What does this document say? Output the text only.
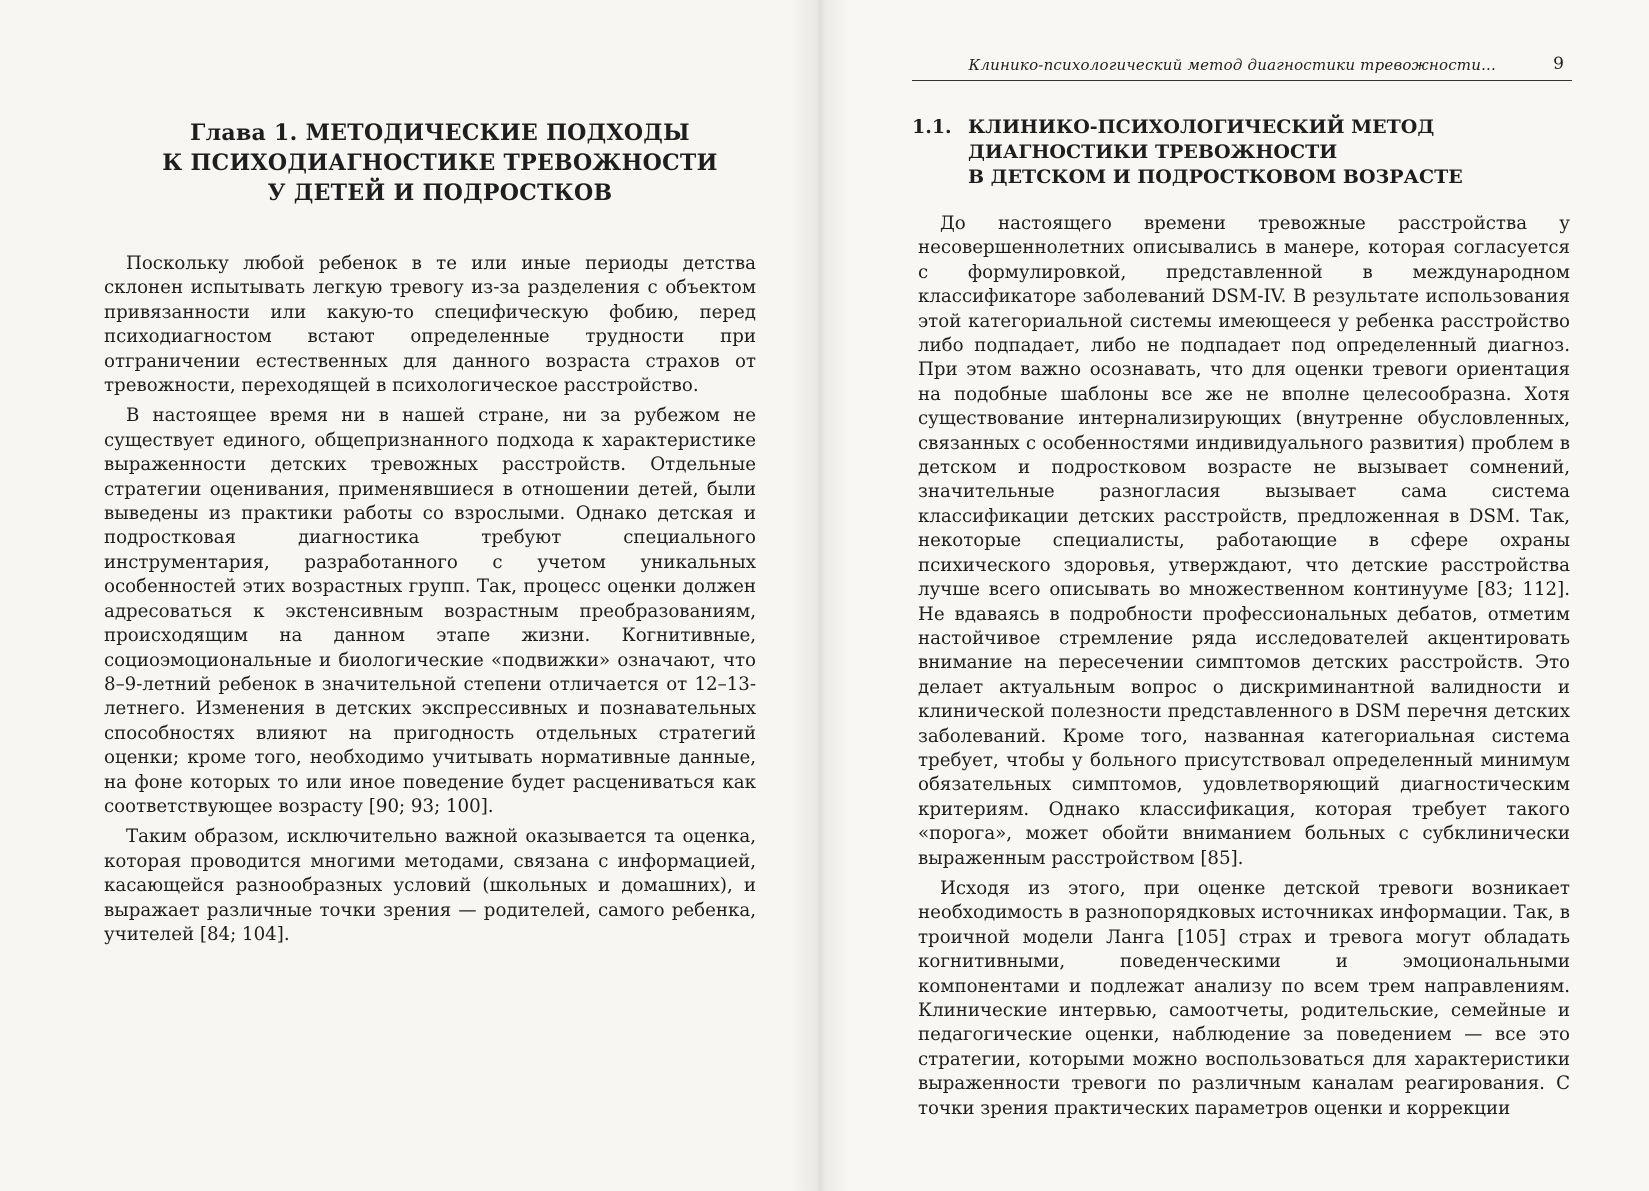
Глава 1. МЕТОДИЧЕСКИЕ ПОДХОДЫ
К ПСИХОДИАГНОСТИКЕ ТРЕВОЖНОСТИ
У ДЕТЕЙ И ПОДРОСТКОВ

Поскольку любой ребенок в те или иные периоды детства склонен испытывать легкую тревогу из-за разделения с объектом привязанности или какую-то специфическую фобию, перед психодиагностом встают определенные трудности при отграничении естественных для данного возраста страхов от тревожности, переходящей в психологическое расстройство.

В настоящее время ни в нашей стране, ни за рубежом не существует единого, общепризнанного подхода к характеристике выраженности детских тревожных расстройств. Отдельные стратегии оценивания, применявшиеся в отношении детей, были выведены из практики работы со взрослыми. Однако детская и подростковая диагностика требуют специального инструментария, разработанного с учетом уникальных особенностей этих возрастных групп. Так, процесс оценки должен адресоваться к экстенсивным возрастным преобразованиям, происходящим на данном этапе жизни. Когнитивные, социоэмоциональные и биологические «подвижки» означают, что 8–9-летний ребенок в значительной степени отличается от 12–13-летнего. Изменения в детских экспрессивных и познавательных способностях влияют на пригодность отдельных стратегий оценки; кроме того, необходимо учитывать нормативные данные, на фоне которых то или иное поведение будет расцениваться как соответствующее возрасту [90; 93; 100].

Таким образом, исключительно важной оказывается та оценка, которая проводится многими методами, связана с информацией, касающейся разнообразных условий (школьных и домашних), и выражает различные точки зрения — родителей, самого ребенка, учителей [84; 104].

Клинико-психологический метод диагностики тревожности...	9
1.1. КЛИНИКО-ПСИХОЛОГИЧЕСКИЙ МЕТОД
ДИАГНОСТИКИ ТРЕВОЖНОСТИ
В ДЕТСКОМ И ПОДРОСТКОВОМ ВОЗРАСТЕ

До настоящего времени тревожные расстройства у несовершеннолетних описывались в манере, которая согласуется с формулировкой, представленной в международном классификаторе заболеваний DSM-IV. В результате использования этой категориальной системы имеющееся у ребенка расстройство либо подпадает, либо не подпадает под определенный диагноз. При этом важно осознавать, что для оценки тревоги ориентация на подобные шаблоны все же не вполне целесообразна. Хотя существование интернализирующих (внутренне обусловленных, связанных с особенностями индивидуального развития) проблем в детском и подростковом возрасте не вызывает сомнений, значительные разногласия вызывает сама система классификации детских расстройств, предложенная в DSM. Так, некоторые специалисты, работающие в сфере охраны психического здоровья, утверждают, что детские расстройства лучше всего описывать во множественном континууме [83; 112]. Не вдаваясь в подробности профессиональных дебатов, отметим настойчивое стремление ряда исследователей акцентировать внимание на пересечении симптомов детских расстройств. Это делает актуальным вопрос о дискриминантной валидности и клинической полезности представленного в DSM перечня детских заболеваний. Кроме того, названная категориальная система требует, чтобы у больного присутствовал определенный минимум обязательных симптомов, удовлетворяющий диагностическим критериям. Однако классификация, которая требует такого «порога», может обойти вниманием больных с субклинически выраженным расстройством [85].

Исходя из этого, при оценке детской тревоги возникает необходимость в разнопорядковых источниках информации. Так, в троичной модели Ланга [105] страх и тревога могут обладать когнитивными, поведенческими и эмоциональными компонентами и подлежат анализу по всем трем направлениям. Клинические интервью, самоотчеты, родительские, семейные и педагогические оценки, наблюдение за поведением — все это стратегии, которыми можно воспользоваться для характеристики выраженности тревоги по различным каналам реагирования. С точки зрения практических параметров оценки и коррекции
